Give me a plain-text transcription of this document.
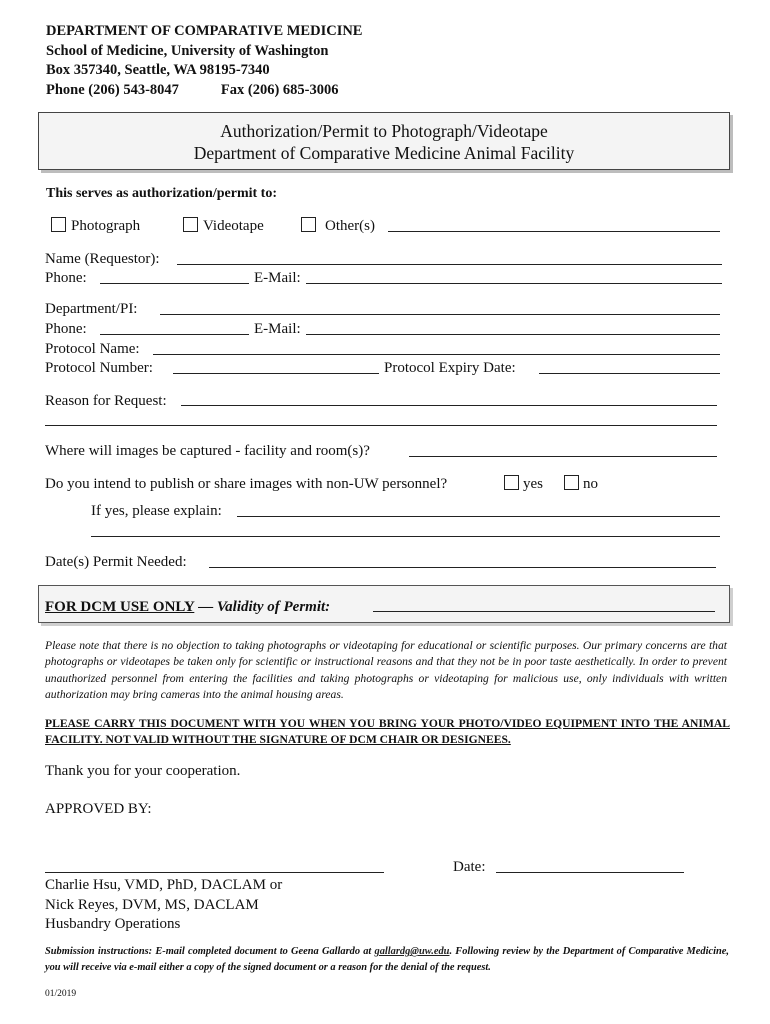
DEPARTMENT OF COMPARATIVE MEDICINE
School of Medicine, University of Washington
Box 357340, Seattle, WA 98195-7340
Phone (206) 543-8047	Fax (206) 685-3006
Authorization/Permit to Photograph/Videotape
Department of Comparative Medicine Animal Facility
This serves as authorization/permit to:
Photograph	Videotape	Other(s)
Name (Requestor):
Phone:	E-Mail:
Department/PI:
Phone:	E-Mail:
Protocol Name:
Protocol Number:	Protocol Expiry Date:
Reason for Request:
Where will images be captured - facility and room(s)?
Do you intend to publish or share images with non-UW personnel?	yes	no
If yes, please explain:
Date(s) Permit Needed:
FOR DCM USE ONLY — Validity of Permit:
Please note that there is no objection to taking photographs or videotaping for educational or scientific purposes. Our primary concerns are that photographs or videotapes be taken only for scientific or instructional reasons and that they not be in poor taste aesthetically. In order to prevent unauthorized personnel from entering the facilities and taking photographs or videotaping for malicious use, only individuals with written authorization may bring cameras into the animal housing areas.
PLEASE CARRY THIS DOCUMENT WITH YOU WHEN YOU BRING YOUR PHOTO/VIDEO EQUIPMENT INTO THE ANIMAL FACILITY. NOT VALID WITHOUT THE SIGNATURE OF DCM CHAIR OR DESIGNEES.
Thank you for your cooperation.
APPROVED BY:
Date:
Charlie Hsu, VMD, PhD, DACLAM or
Nick Reyes, DVM, MS, DACLAM
Husbandry Operations
Submission instructions: E-mail completed document to Geena Gallardo at gallardg@uw.edu. Following review by the Department of Comparative Medicine, you will receive via e-mail either a copy of the signed document or a reason for the denial of the request.
01/2019
